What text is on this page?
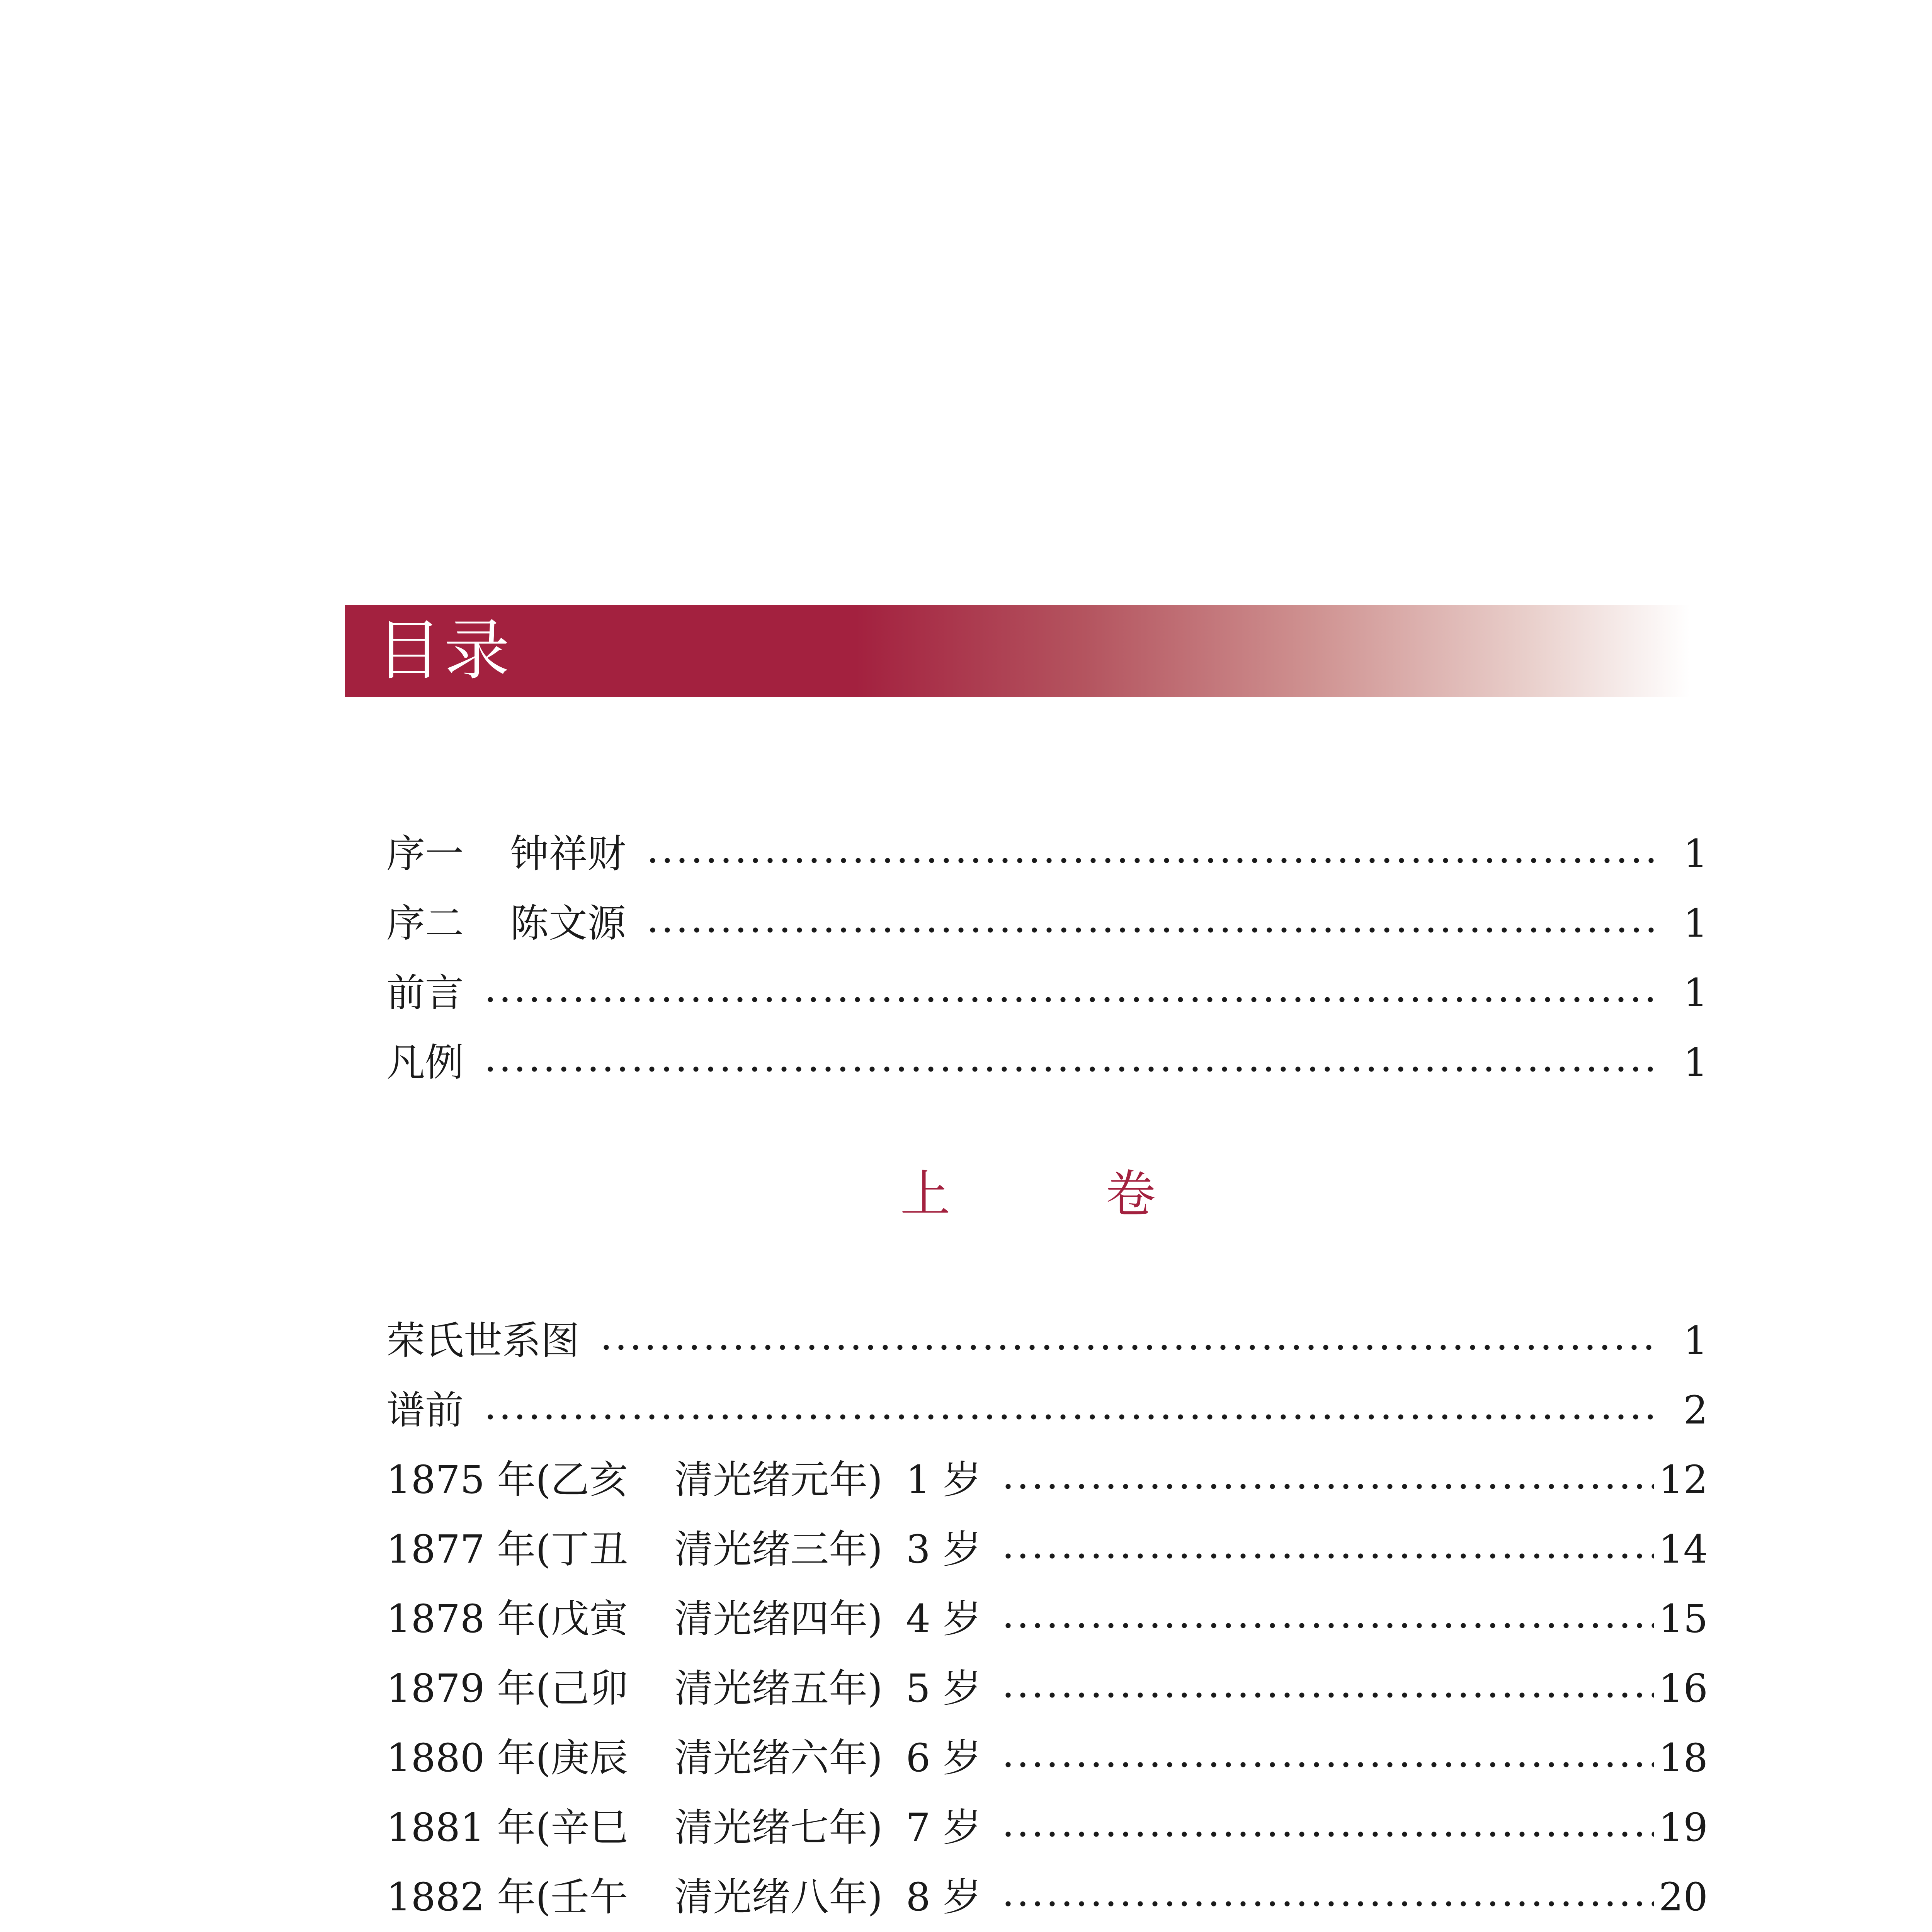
目录
序一 钟祥财	1
序二 陈文源	1
前言	1
凡例	1
上 卷
荣氏世系图	1
谱前	2
1875 年(乙亥 清光绪元年) 1 岁	12
1877 年(丁丑 清光绪三年) 3 岁	14
1878 年(戊寅 清光绪四年) 4 岁	15
1879 年(己卯 清光绪五年) 5 岁	16
1880 年(庚辰 清光绪六年) 6 岁	18
1881 年(辛巳 清光绪七年) 7 岁	19
1882 年(壬午 清光绪八年) 8 岁	20
